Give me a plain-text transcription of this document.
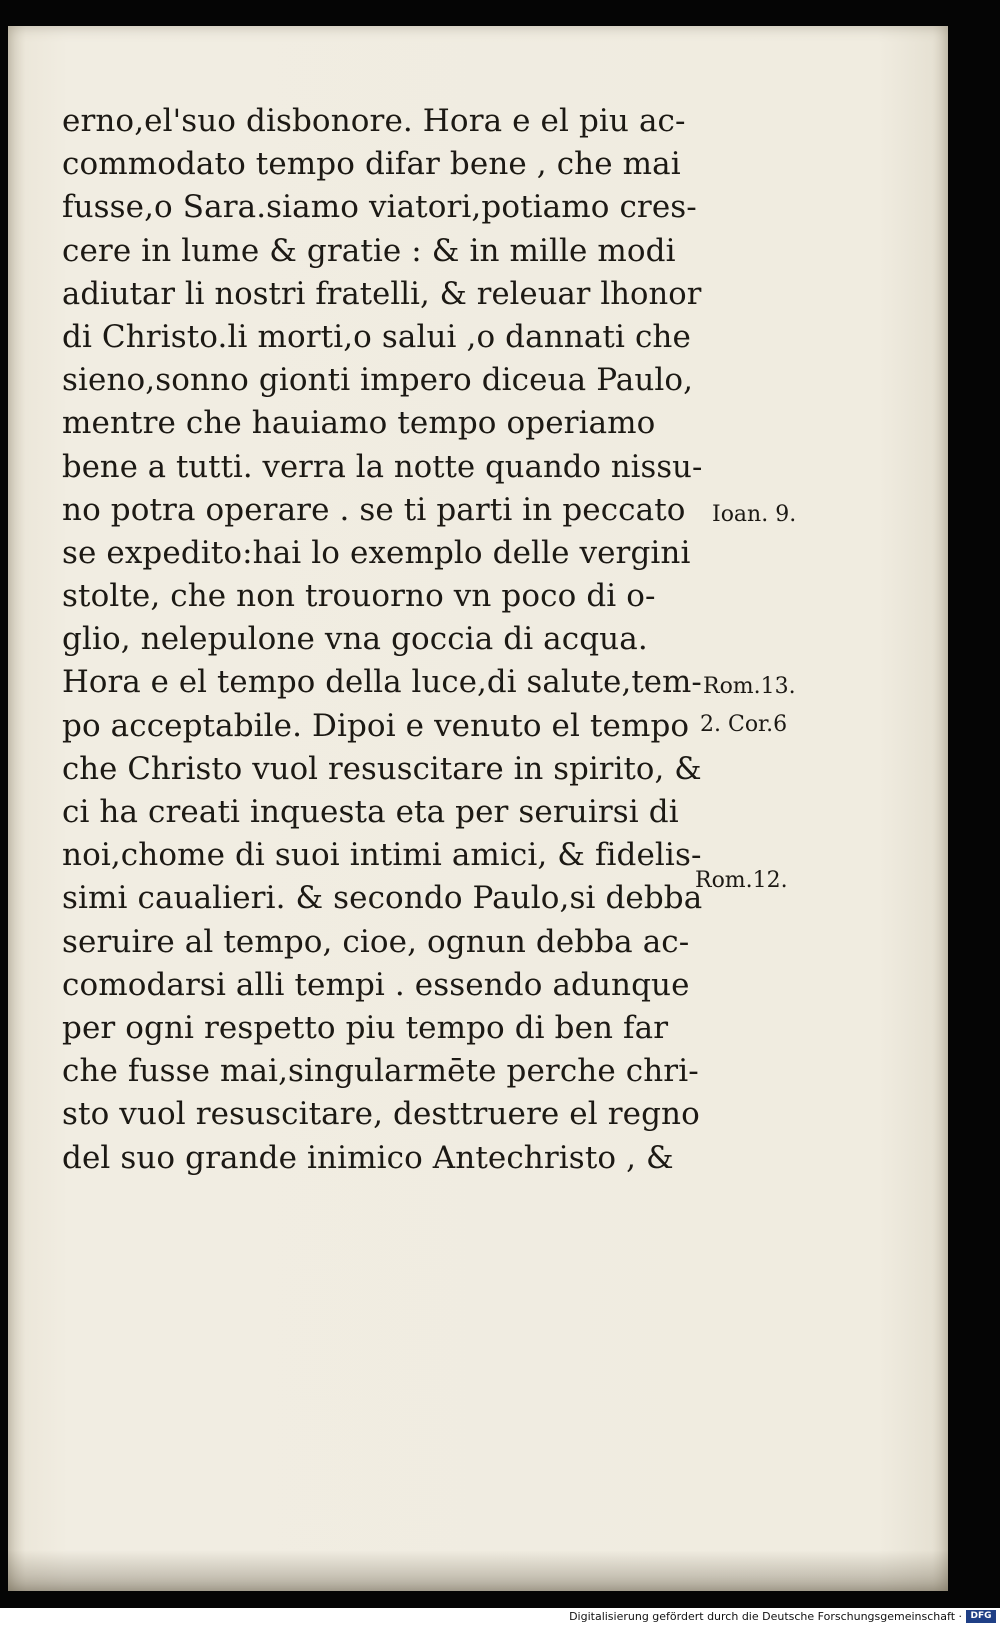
erno,el'suo disbonore. Hora e el piu ac-
commodato tempo difar bene , che mai
fusse,o Sara.siamo viatori,potiamo cres-
cere in lume & gratie : & in mille modi
adiutar li nostri fratelli, & releuar lhonor
di Christo.li morti,o salui ,o dannati che
sieno,sonno gionti impero diceua Paulo,
mentre che hauiamo tempo operiamo
bene a tutti. verra la notte quando nissu-
no potra operare . se ti parti in peccato
se expedito:hai lo exemplo delle vergini
stolte, che non trouorno vn poco di o-
glio, nelepulone vna goccia di acqua.
Hora e el tempo della luce,di salute,tem-
po acceptabile. Dipoi e venuto el tempo
che Christo vuol resuscitare in spirito, &
ci ha creati inquesta eta per seruirsi di
noi,chome di suoi intimi amici, & fidelis-
simi caualieri. & secondo Paulo,si debba
seruire al tempo, cioe, ognun debba ac-
comodarsi alli tempi . essendo adunque
per ogni respetto piu tempo di ben far
che fusse mai,singularmēte perche chri-
sto vuol resuscitare, desttruere el regno
del suo grande inimico Antechristo , &
Ioan. 9.
Rom.13.
2. Cor.6
Rom.12.
Digitalisierung gefördert durch die Deutsche Forschungsgemeinschaft · DFG
